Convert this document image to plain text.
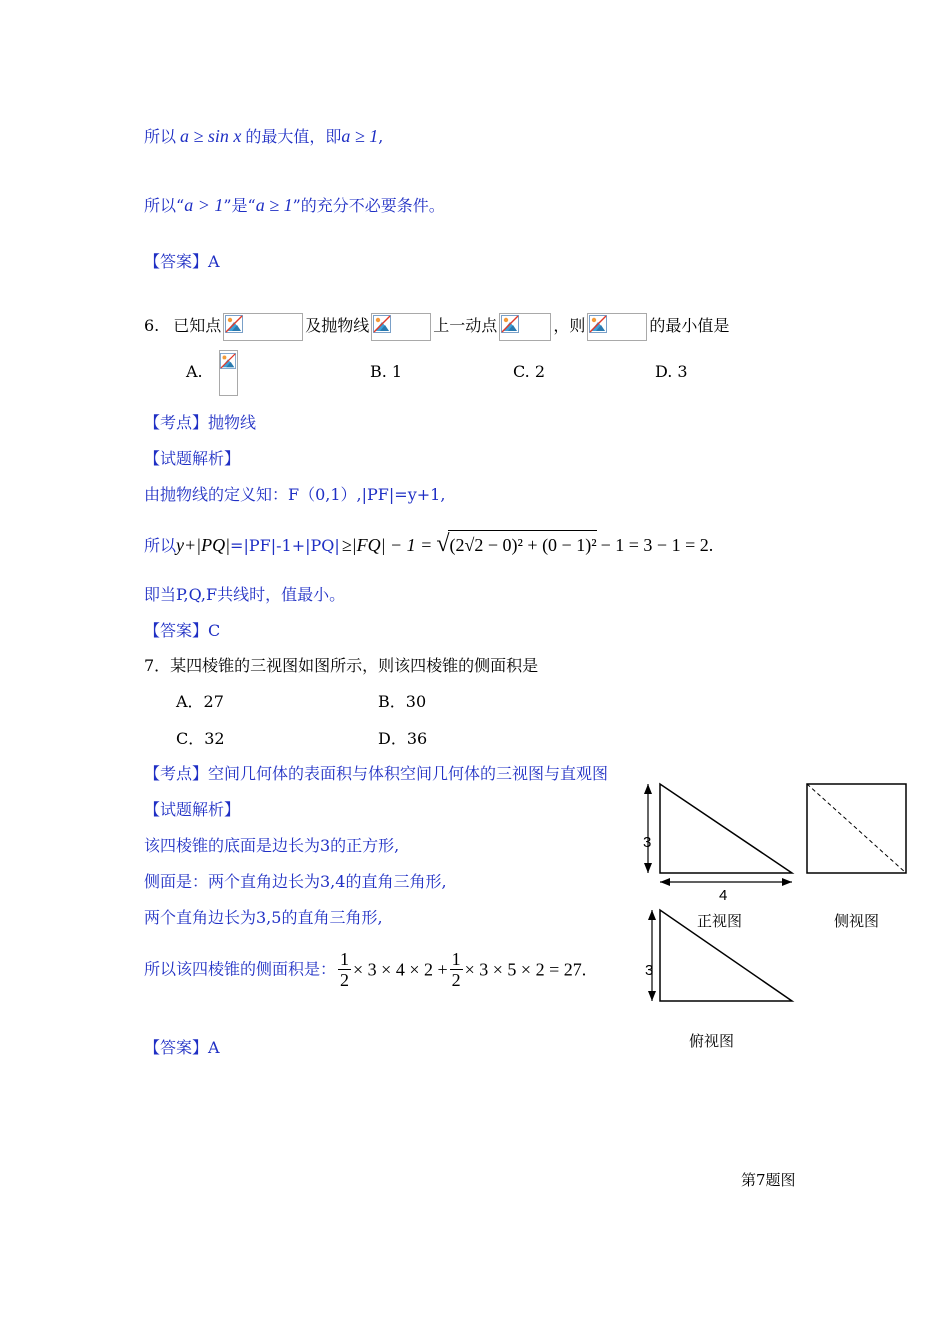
所以 a ≥ sin x 的最大值，即a ≥ 1,
所以“a > 1”是“a ≥ 1”的充分不必要条件。
【答案】A
6. 已知点	及抛物线	上一动点	，则	的最小值是
A.	B. 1	C. 2	D. 3
【考点】抛物线
【试题解析】
由抛物线的定义知：F（0,1）,|PF|=y+1,
所以y+|PQ|=|PF|-1+|PQ| ≥|FQ| − 1 = √(2√2 − 0)² + (0 − 1)² − 1 = 3 − 1 = 2.
即当P,Q,F共线时，值最小。
【答案】C
7．某四棱锥的三视图如图所示，则该四棱锥的侧面积是
A．27	B．30
C．32	D．36
【考点】空间几何体的表面积与体积空间几何体的三视图与直观图
【试题解析】
该四棱锥的底面是边长为3的正方形,
侧面是：两个直角边长为3,4的直角三角形,
两个直角边长为3,5的直角三角形,
所以该四棱锥的侧面积是： $\frac{1}{2} \times 3 \times 4 \times 2 + \frac{1}{2} \times 3 \times 5 \times 2 = 27$.
【答案】A
3
4
3
正视图	侧视图
俯视图
第7题图
